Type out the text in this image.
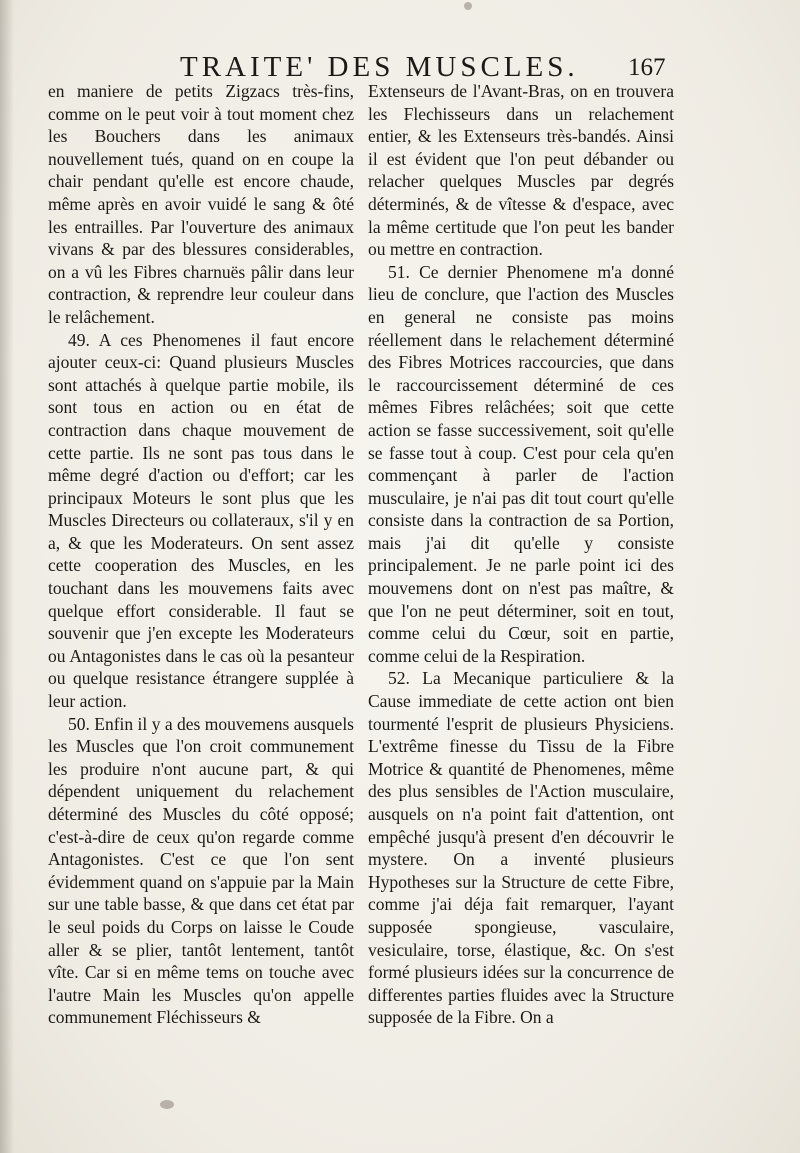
TRAITE' DES MUSCLES. 167

en maniere de petits Zigzacs très-fins, comme on le peut voir à tout moment chez les Bouchers dans les animaux nouvellement tués, quand on en coupe la chair pendant qu'elle est encore chaude, même après en avoir vuidé le sang & ôté les entrailles. Par l'ouverture des animaux vivans & par des blessures considerables, on a vû les Fibres charnuës pâlir dans leur contraction, & reprendre leur couleur dans le relâchement.

49. A ces Phenomenes il faut encore ajouter ceux-ci: Quand plusieurs Muscles sont attachés à quelque partie mobile, ils sont tous en action ou en état de contraction dans chaque mouvement de cette partie. Ils ne sont pas tous dans le même degré d'action ou d'effort; car les principaux Moteurs le sont plus que les Muscles Directeurs ou collateraux, s'il y en a, & que les Moderateurs. On sent assez cette cooperation des Muscles, en les touchant dans les mouvemens faits avec quelque effort considerable. Il faut se souvenir que j'en excepte les Moderateurs ou Antagonistes dans le cas où la pesanteur ou quelque resistance étrangere supplée à leur action.

50. Enfin il y a des mouvemens ausquels les Muscles que l'on croit communement les produire n'ont aucune part, & qui dépendent uniquement du relachement déterminé des Muscles du côté opposé; c'est-à-dire de ceux qu'on regarde comme Antagonistes. C'est ce que l'on sent évidemment quand on s'appuie par la Main sur une table basse, & que dans cet état par le seul poids du Corps on laisse le Coude aller & se plier, tantôt lentement, tantôt vîte. Car si en même tems on touche avec l'autre Main les Muscles qu'on appelle communement Fléchisseurs &

Extenseurs de l'Avant-Bras, on en trouvera les Flechisseurs dans un relachement entier, & les Extenseurs très-bandés. Ainsi il est évident que l'on peut débander ou relacher quelques Muscles par degrés déterminés, & de vîtesse & d'espace, avec la même certitude que l'on peut les bander ou mettre en contraction.

51. Ce dernier Phenomene m'a donné lieu de conclure, que l'action des Muscles en general ne consiste pas moins réellement dans le relachement déterminé des Fibres Motrices raccourcies, que dans le raccourcissement déterminé de ces mêmes Fibres relâchées; soit que cette action se fasse successivement, soit qu'elle se fasse tout à coup. C'est pour cela qu'en commençant à parler de l'action musculaire, je n'ai pas dit tout court qu'elle consiste dans la contraction de sa Portion, mais j'ai dit qu'elle y consiste principalement. Je ne parle point ici des mouvemens dont on n'est pas maître, & que l'on ne peut déterminer, soit en tout, comme celui du Cœur, soit en partie, comme celui de la Respiration.

52. La Mecanique particuliere & la Cause immediate de cette action ont bien tourmenté l'esprit de plusieurs Physiciens. L'extrême finesse du Tissu de la Fibre Motrice & quantité de Phenomenes, même des plus sensibles de l'Action musculaire, ausquels on n'a point fait d'attention, ont empêché jusqu'à present d'en découvrir le mystere. On a inventé plusieurs Hypotheses sur la Structure de cette Fibre, comme j'ai déja fait remarquer, l'ayant supposée spongieuse, vasculaire, vesiculaire, torse, élastique, &c. On s'est formé plusieurs idées sur la concurrence de differentes parties fluides avec la Structure supposée de la Fibre. On a
